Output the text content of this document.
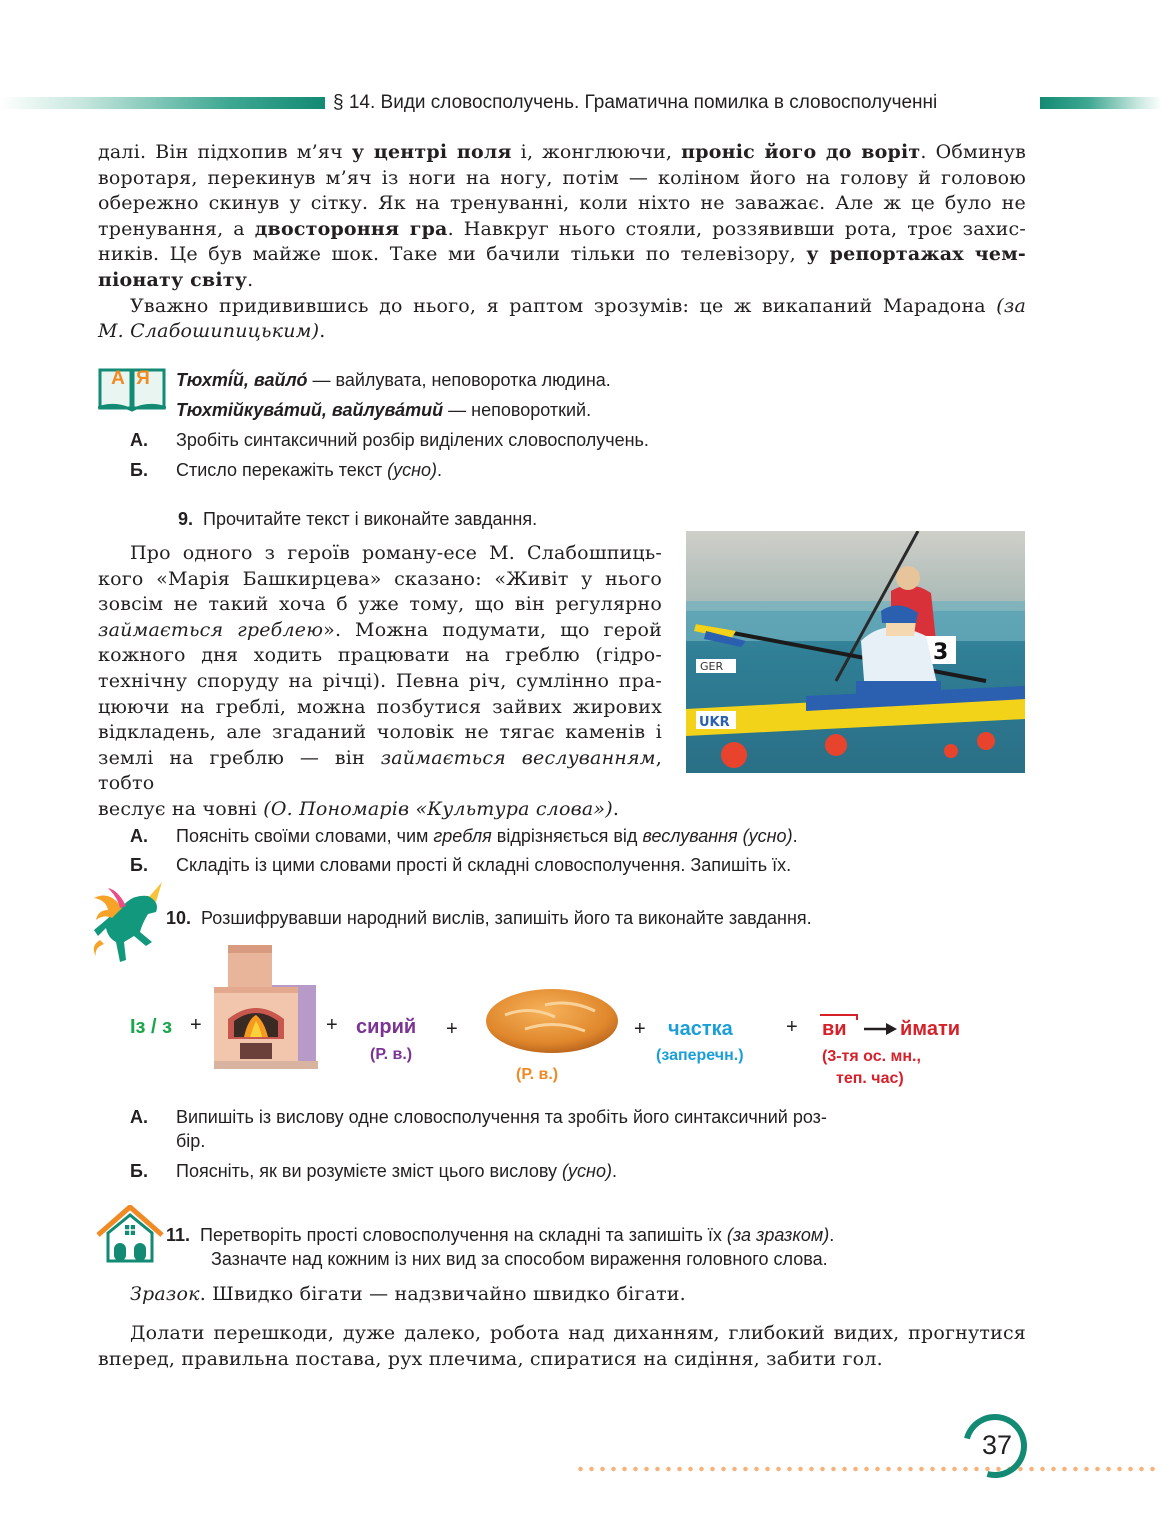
§ 14. Види словосполучень. Граматична помилка в словосполученні
далі. Він підхопив м’яч у центрі поля і, жонглюючи, проніс його до воріт. Обминув
воротаря, перекинув м’яч із ноги на ногу, потім — коліном його на голову й головою
обережно скинув у сітку. Як на тренуванні, коли ніхто не заважає. Але ж це було не
тренування, а двостороння гра. Навкруг нього стояли, роззявивши рота, троє захис-
ників. Це був майже шок. Таке ми бачили тільки по телевізору, у репортажах чем-
піонату світу.
Уважно придивившись до нього, я раптом зрозумів: це ж викапаний Марадона (за
М. Слабошипицьким).
А Я	Тюхті́й, вайло́ — вайлувата, неповоротка людина.
Тюхтійкува́тий, вайлува́тий — неповороткий.
А. Зробіть синтаксичний розбір виділених словосполучень.
Б. Стисло перекажіть текст (усно).
9. Прочитайте текст і виконайте завдання.
Про одного з героїв роману-есе М. Слабошпиць-
кого «Марія Башкирцева» сказано: «Живіт у нього
зовсім не такий хоча б уже тому, що він регулярно
займається греблею». Можна подумати, що герой
кожного дня ходить працювати на греблю (гідро-
технічну споруду на річці). Певна річ, сумлінно пра-
цюючи на греблі, можна позбутися зайвих жирових
відкладень, але згаданий чоловік не тягає каменів і
землі на греблю — він займається веслуванням, тобто
веслує на човні (О. Пономарів «Культура слова»).
3
GER
UKR
А. Поясніть своїми словами, чим гребля відрізняється від веслування (усно).
Б. Складіть із цими словами прості й складні словосполучення. Запишіть їх.
10. Розшифрувавши народний вислів, запишіть його та виконайте завдання.
Із / з +	+ сирий
(Р. в.)
+
(Р. в.)
+ частка
(заперечн.)
+ ви	ймати
(3-тя ос. мн.,
теп. час)
А. Випишіть із вислову одне словосполучення та зробіть його синтаксичний роз-
бір.
Б. Поясніть, як ви розумієте зміст цього вислову (усно).
11. Перетворіть прості словосполучення на складні та запишіть їх (за зразком).
Зазначте над кожним із них вид за способом вираження головного слова.
Зразок. Швидко бігати — надзвичайно швидко бігати.
Долати перешкоди, дуже далеко, робота над диханням, глибокий видих, прогнутися
вперед, правильна постава, рух плечима, спиратися на сидіння, забити гол.
37
